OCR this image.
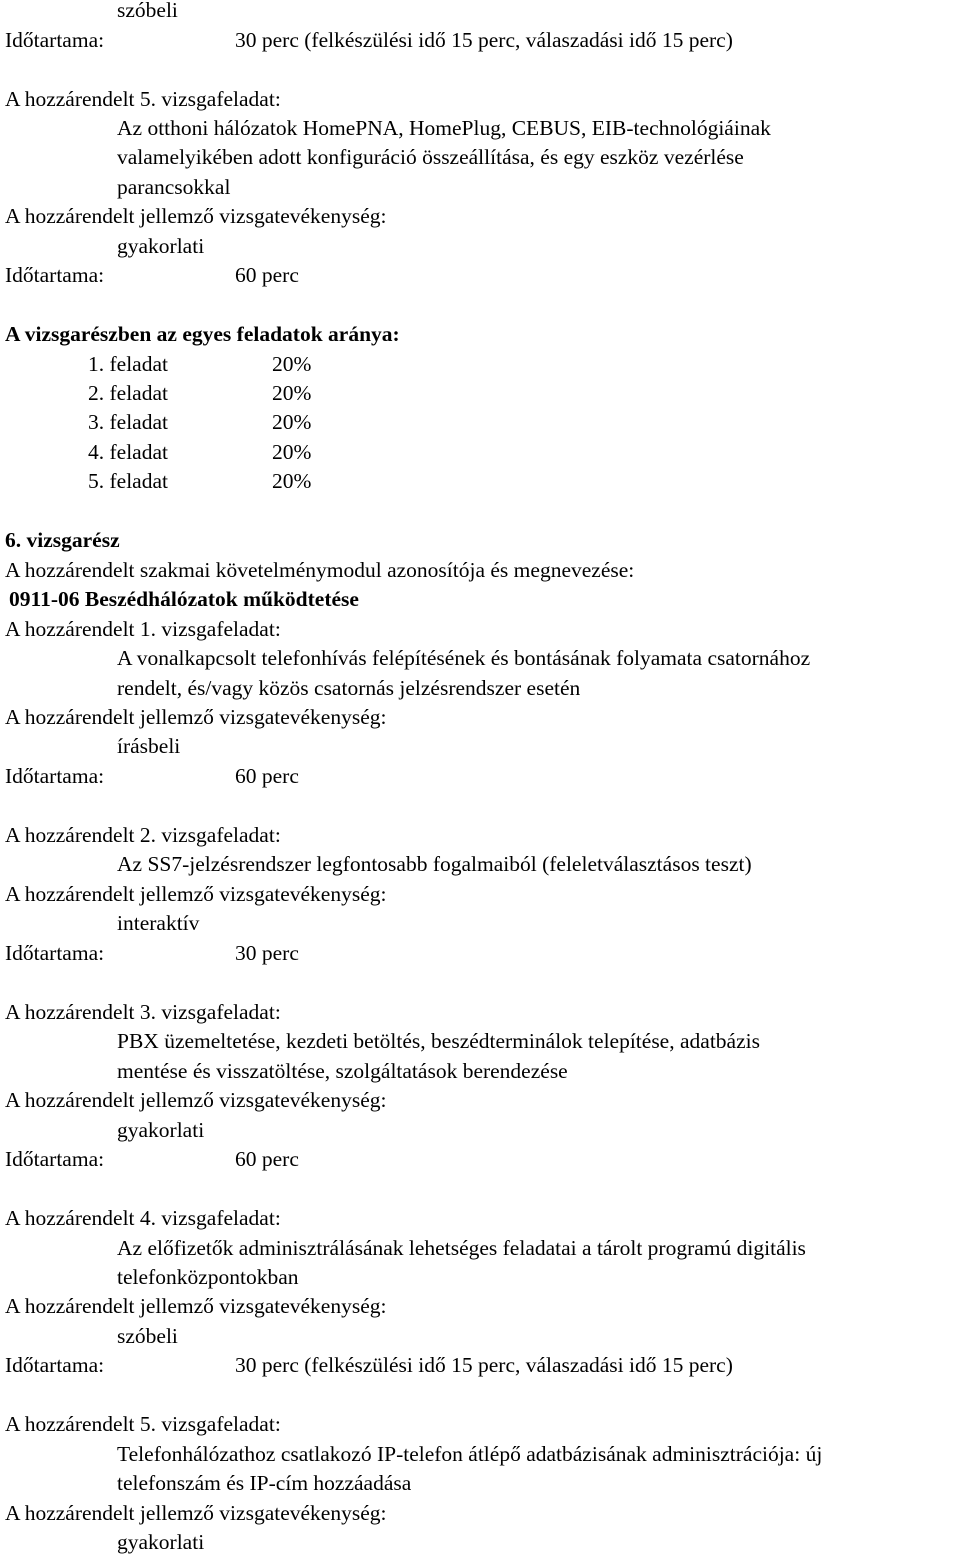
szóbeli
Időtartama:	30 perc (felkészülési idő 15 perc, válaszadási idő 15 perc)
A hozzárendelt 5. vizsgafeladat:
Az otthoni hálózatok HomePNA, HomePlug, CEBUS, EIB-technológiáinak
valamelyikében adott konfiguráció összeállítása, és egy eszköz vezérlése
parancsokkal
A hozzárendelt jellemző vizsgatevékenység:
gyakorlati
Időtartama:	60 perc
A vizsgarészben az egyes feladatok aránya:
1. feladat	20%
2. feladat	20%
3. feladat	20%
4. feladat	20%
5. feladat	20%
6. vizsgarész
A hozzárendelt szakmai követelménymodul azonosítója és megnevezése:
0911-06 Beszédhálózatok működtetése
A hozzárendelt 1. vizsgafeladat:
A vonalkapcsolt telefonhívás felépítésének és bontásának folyamata csatornához
rendelt, és/vagy közös csatornás jelzésrendszer esetén
A hozzárendelt jellemző vizsgatevékenység:
írásbeli
Időtartama:	60 perc
A hozzárendelt 2. vizsgafeladat:
Az SS7-jelzésrendszer legfontosabb fogalmaiból (feleletválasztásos teszt)
A hozzárendelt jellemző vizsgatevékenység:
interaktív
Időtartama:	30 perc
A hozzárendelt 3. vizsgafeladat:
PBX üzemeltetése, kezdeti betöltés, beszédterminálok telepítése, adatbázis
mentése és visszatöltése, szolgáltatások berendezése
A hozzárendelt jellemző vizsgatevékenység:
gyakorlati
Időtartama:	60 perc
A hozzárendelt 4. vizsgafeladat:
Az előfizetők adminisztrálásának lehetséges feladatai a tárolt programú digitális
telefonközpontokban
A hozzárendelt jellemző vizsgatevékenység:
szóbeli
Időtartama:	30 perc (felkészülési idő 15 perc, válaszadási idő 15 perc)
A hozzárendelt 5. vizsgafeladat:
Telefonhálózathoz csatlakozó IP-telefon átlépő adatbázisának adminisztrációja: új
telefonszám és IP-cím hozzáadása
A hozzárendelt jellemző vizsgatevékenység:
gyakorlati
